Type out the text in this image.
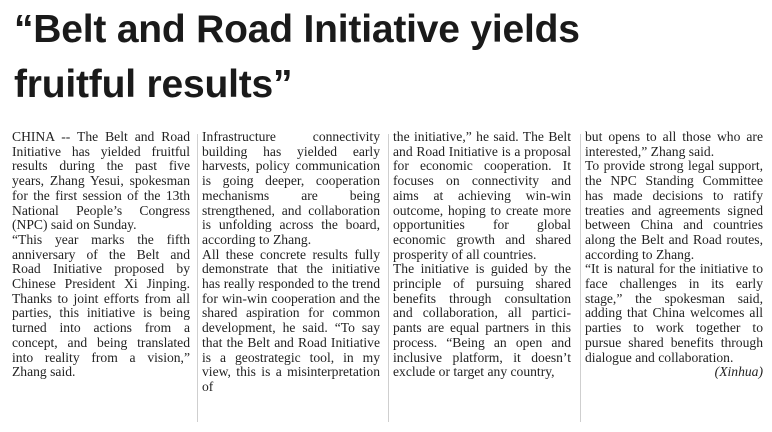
“Belt and Road Initiative yields
fruitful results”

CHINA -- The Belt and Road Initiative has yielded fruitful results during the past five years, Zhang Yesui, spokesman for the first session of the 13th National People’s Congress (NPC) said on Sunday.

“This year marks the fifth anniversary of the Belt and Road Initiative proposed by Chinese President Xi Jinping. Thanks to joint efforts from all parties, this initiative is being turned into actions from a concept, and being translated into reality from a vision,” Zhang said.

Infrastructure connectivity building has yielded early harvests, policy communication is going deeper, cooperation mechanisms are being strengthened, and collaboration is unfolding across the board, according to Zhang.

All these concrete results fully demonstrate that the initiative has really responded to the trend for win-win cooperation and the shared aspiration for common development, he said. “To say that the Belt and Road Initiative is a geostrategic tool, in my view, this is a misinterpretation of

the initiative,” he said. The Belt and Road Initiative is a proposal for economic cooperation. It focuses on connectivity and aims at achieving win-win outcome, hoping to create more opportunities for global economic growth and shared prosperity of all countries.

The initiative is guided by the principle of pursuing shared benefits through consultation and collaboration, all participants are equal partners in this process. “Being an open and inclusive platform, it doesn’t exclude or target any country,

but opens to all those who are interested,” Zhang said.

To provide strong legal support, the NPC Standing Committee has made decisions to ratify treaties and agreements signed between China and countries along the Belt and Road routes, according to Zhang.

“It is natural for the initiative to face challenges in its early stage,” the spokesman said, adding that China welcomes all parties to work together to pursue shared benefits through dialogue and collaboration.
(Xinhua)
